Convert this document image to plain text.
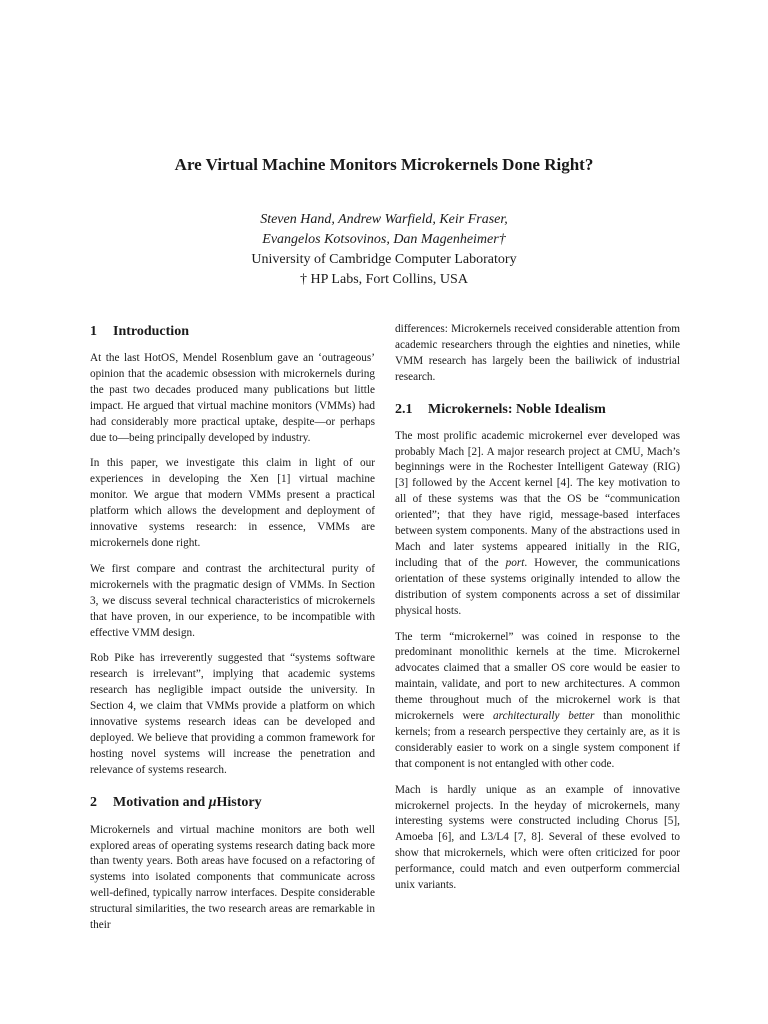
Are Virtual Machine Monitors Microkernels Done Right?
Steven Hand, Andrew Warfield, Keir Fraser,
Evangelos Kotsovinos, Dan Magenheimer†
University of Cambridge Computer Laboratory
† HP Labs, Fort Collins, USA
1 Introduction

At the last HotOS, Mendel Rosenblum gave an ‘outrageous’ opinion that the academic obsession with microkernels during the past two decades produced many publications but little impact. He argued that virtual machine monitors (VMMs) had had considerably more practical uptake, despite—or perhaps due to—being principally developed by industry.

In this paper, we investigate this claim in light of our experiences in developing the Xen [1] virtual machine monitor. We argue that modern VMMs present a practical platform which allows the development and deployment of innovative systems research: in essence, VMMs are microkernels done right.

We first compare and contrast the architectural purity of microkernels with the pragmatic design of VMMs. In Section 3, we discuss several technical characteristics of microkernels that have proven, in our experience, to be incompatible with effective VMM design.

Rob Pike has irreverently suggested that “systems software research is irrelevant”, implying that academic systems research has negligible impact outside the university. In Section 4, we claim that VMMs provide a platform on which innovative systems research ideas can be developed and deployed. We believe that providing a common framework for hosting novel systems will increase the penetration and relevance of systems research.

2 Motivation and μHistory

Microkernels and virtual machine monitors are both well explored areas of operating systems research dating back more than twenty years. Both areas have focused on a refactoring of systems into isolated components that communicate across well-defined, typically narrow interfaces. Despite considerable structural similarities, the two research areas are remarkable in their

differences: Microkernels received considerable attention from academic researchers through the eighties and nineties, while VMM research has largely been the bailiwick of industrial research.

2.1 Microkernels: Noble Idealism

The most prolific academic microkernel ever developed was probably Mach [2]. A major research project at CMU, Mach’s beginnings were in the Rochester Intelligent Gateway (RIG) [3] followed by the Accent kernel [4]. The key motivation to all of these systems was that the OS be “communication oriented”; that they have rigid, message-based interfaces between system components. Many of the abstractions used in Mach and later systems appeared initially in the RIG, including that of the port. However, the communications orientation of these systems originally intended to allow the distribution of system components across a set of dissimilar physical hosts.

The term “microkernel” was coined in response to the predominant monolithic kernels at the time. Microkernel advocates claimed that a smaller OS core would be easier to maintain, validate, and port to new architectures. A common theme throughout much of the microkernel work is that microkernels were architecturally better than monolithic kernels; from a research perspective they certainly are, as it is considerably easier to work on a single system component if that component is not entangled with other code.

Mach is hardly unique as an example of innovative microkernel projects. In the heyday of microkernels, many interesting systems were constructed including Chorus [5], Amoeba [6], and L3/L4 [7, 8]. Several of these evolved to show that microkernels, which were often criticized for poor performance, could match and even outperform commercial unix variants.
